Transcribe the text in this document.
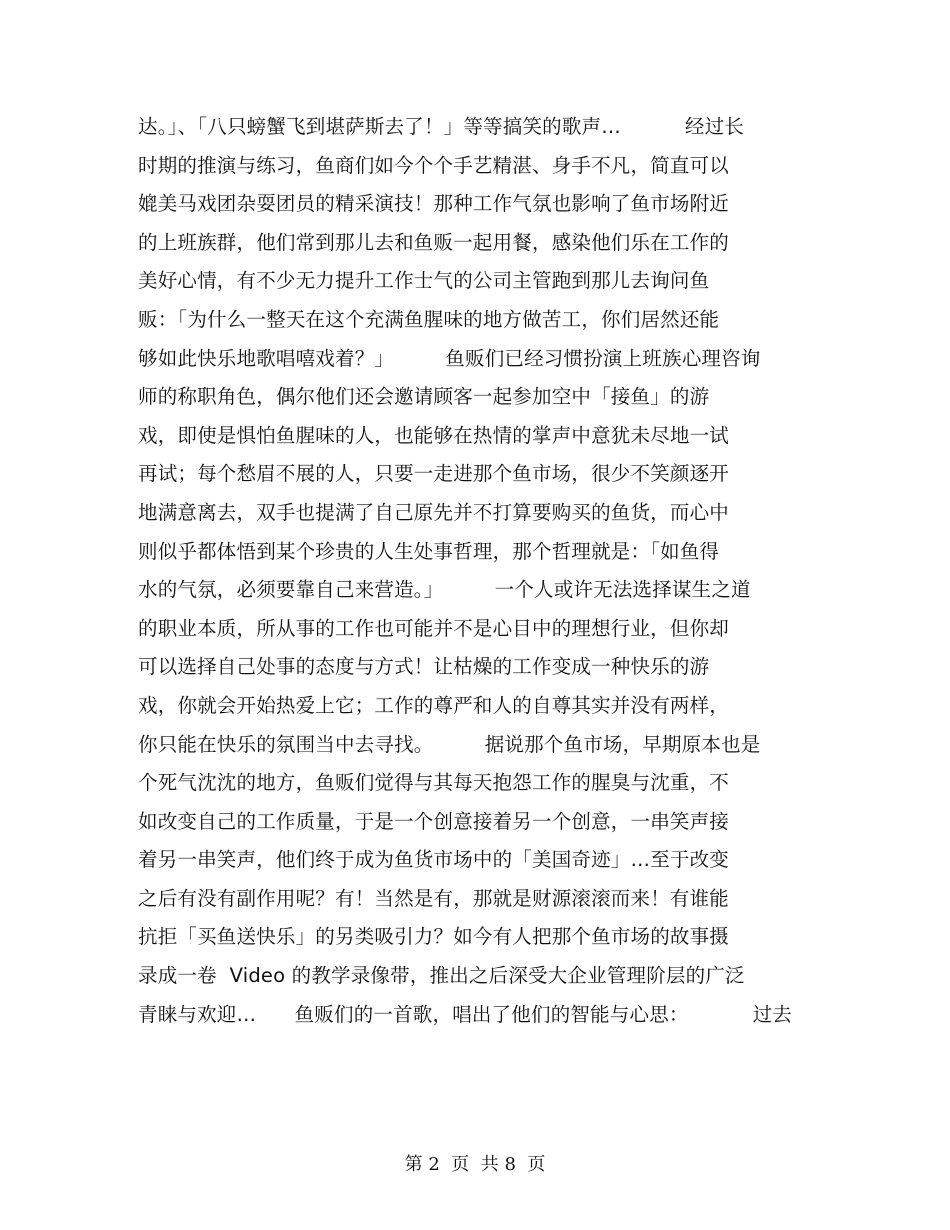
达。」、「八只螃蟹飞到堪萨斯去了！」等等搞笑的歌声…          经过长
时期的推演与练习，鱼商们如今个个手艺精湛、身手不凡，简直可以
媲美马戏团杂耍团员的精采演技！那种工作气氛也影响了鱼市场附近
的上班族群，他们常到那儿去和鱼贩一起用餐，感染他们乐在工作的
美好心情，有不少无力提升工作士气的公司主管跑到那儿去询问鱼
贩：「为什么一整天在这个充满鱼腥味的地方做苦工，你们居然还能
够如此快乐地歌唱嘻戏着？」        鱼贩们已经习惯扮演上班族心理咨询
师的称职角色，偶尔他们还会邀请顾客一起参加空中「接鱼」的游
戏，即使是惧怕鱼腥味的人，也能够在热情的掌声中意犹未尽地一试
再试；每个愁眉不展的人，只要一走进那个鱼市场，很少不笑颜逐开
地满意离去，双手也提满了自己原先并不打算要购买的鱼货，而心中
则似乎都体悟到某个珍贵的人生处事哲理，那个哲理就是：「如鱼得
水的气氛，必须要靠自己来营造。」        一个人或许无法选择谋生之道
的职业本质，所从事的工作也可能并不是心目中的理想行业，但你却
可以选择自己处事的态度与方式！让枯燥的工作变成一种快乐的游
戏，你就会开始热爱上它；工作的尊严和人的自尊其实并没有两样，
你只能在快乐的氛围当中去寻找。        据说那个鱼市场，早期原本也是
个死气沈沈的地方，鱼贩们觉得与其每天抱怨工作的腥臭与沈重，不
如改变自己的工作质量，于是一个创意接着另一个创意，一串笑声接
着另一串笑声，他们终于成为鱼货市场中的「美国奇迹」…至于改变
之后有没有副作用呢？有！当然是有，那就是财源滚滚而来！有谁能
抗拒「买鱼送快乐」的另类吸引力？如今有人把那个鱼市场的故事摄
录成一卷  Video 的教学录像带，推出之后深受大企业管理阶层的广泛
青睐与欢迎…      鱼贩们的一首歌，唱出了他们的智能与心思：          过去
第 2  页  共 8  页
